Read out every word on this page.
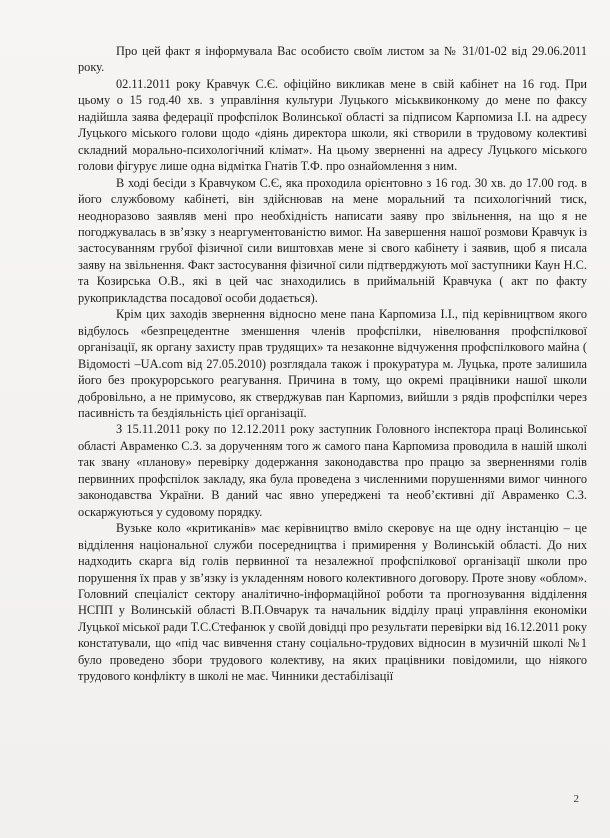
Про цей факт я інформувала Вас особисто своїм листом за № 31/01-02 від 29.06.2011 року.

02.11.2011 року Кравчук С.Є. офіційно викликав мене в свій кабінет на 16 год. При цьому о 15 год.40 хв. з управління культури Луцького міськвиконкому до мене по факсу надійшла заява федерації профспілок Волинської області за підписом Карпомиза І.І. на адресу Луцького міського голови щодо «діянь директора школи, які створили в трудовому колективі складний морально-психологічний клімат». На цьому зверненні на адресу Луцького міського голови фігурує лише одна відмітка Гнатів Т.Ф. про ознайомлення з ним.

В ході бесіди з Кравчуком С.Є, яка проходила орієнтовно з 16 год. 30 хв. до 17.00 год. в його службовому кабінеті, він здійснював на мене моральний та психологічний тиск, неодноразово заявляв мені про необхідність написати заяву про звільнення, на що я не погоджувалась в зв’язку з неаргументованістю вимог. На завершення нашої розмови Кравчук із застосуванням грубої фізичної сили виштовхав мене зі свого кабінету і заявив, щоб я писала заяву на звільнення. Факт застосування фізичної сили підтверджують мої заступники Каун Н.С. та Козирська О.В., які в цей час знаходились в приймальній Кравчука ( акт по факту рукоприкладства посадової особи додається).

Крім цих заходів звернення відносно мене пана Карпомиза І.І., під керівництвом якого відбулось «безпрецедентне зменшення членів профспілки, нівелювання профспілкової організації, як органу захисту прав трудящих» та незаконне відчуження профспілкового майна ( Відомості –UA.com від 27.05.2010) розглядала також і прокуратура м. Луцька, проте залишила його без прокурорського реагування. Причина в тому, що окремі працівники нашої школи добровільно, а не примусово, як стверджував пан Карпомиз, вийшли з рядів профспілки через пасивність та бездіяльність цієї організації.

З 15.11.2011 року по 12.12.2011 року заступник Головного інспектора праці Волинської області Авраменко С.З. за дорученням того ж самого пана Карпомиза проводила в нашій школі так звану «планову» перевірку додержання законодавства про працю за зверненнями голів первинних профспілок закладу, яка була проведена з численними порушеннями вимог чинного законодавства України. В даний час явно упереджені та необ’єктивні дії Авраменко С.З. оскаржуються у судовому порядку.

Вузьке коло «критиканів» має керівництво вміло скеровує на ще одну інстанцію – це відділення національної служби посередництва і примирення у Волинській області. До них надходить скарга від голів первинної та незалежної профспілкової організації школи про порушення їх прав у зв’язку із укладенням нового колективного договору. Проте знову «облом». Головний спеціаліст сектору аналітично-інформаційної роботи та прогнозування відділення НСПП у Волинській області В.П.Овчарук та начальник відділу праці управління економіки Луцької міської ради Т.С.Стефанюк у своїй довідці про результати перевірки від 16.12.2011 року констатували, що «під час вивчення стану соціально-трудових відносин в музичній школі №1 було проведено збори трудового колективу, на яких працівники повідомили, що ніякого трудового конфлікту в школі не має. Чинники дестабілізації

2
